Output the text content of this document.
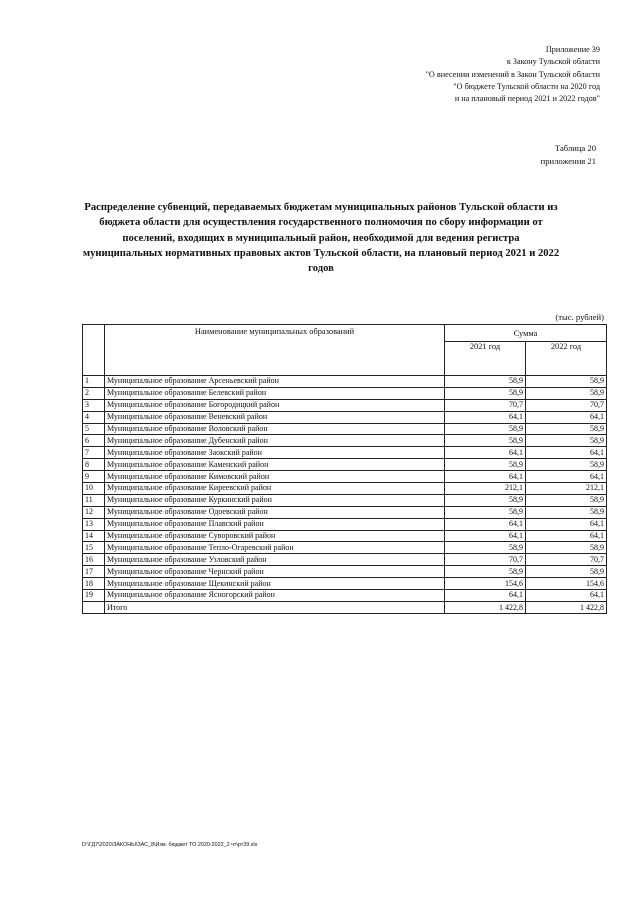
Приложение 39
к Закону Тульской области
"О внесении изменений в Закон Тульской области
"О бюджете Тульской области на 2020 год
и на плановый период 2021 и 2022 годов"
Таблица 20
приложения 21
Распределение субвенций, передаваемых бюджетам муниципальных районов Тульской области из бюджета области для осуществления государственного полномочия по сбору информации от поселений, входящих в муниципальный район, необходимой для ведения регистра муниципальных нормативных правовых актов Тульской области, на плановый период 2021 и 2022 годов
(тыс. рублей)
	Наименование муниципальных образований	Сумма	
		2021 год	2022 год
1	Муниципальное образование Арсеньевский район	58,9	58,9
2	Муниципальное образование Белевский район	58,9	58,9
3	Муниципальное образование Богородицкий район	70,7	70,7
4	Муниципальное образование Веневский район	64,1	64,1
5	Муниципальное образование Воловский район	58,9	58,9
6	Муниципальное образование Дубенский район	58,9	58,9
7	Муниципальное образование Заокский район	64,1	64,1
8	Муниципальное образование Каменский район	58,9	58,9
9	Муниципальное образование Кимовский район	64,1	64,1
10	Муниципальное образование Киреевский район	212,1	212,1
11	Муниципальное образование Куркинский район	58,9	58,9
12	Муниципальное образование Одоевский район	58,9	58,9
13	Муниципальное образование Плавский район	64,1	64,1
14	Муниципальное образование Суворовский район	64,1	64,1
15	Муниципальное образование Тепло-Огаревский район	58,9	58,9
16	Муниципальное образование Узловский район	70,7	70,7
17	Муниципальное образование Чернский район	58,9	58,9
18	Муниципальное образование Щекинский район	154,6	154,6
19	Муниципальное образование Ясногорский район	64,1	64,1
	Итого	1 422,8	1 422,8
D:\ГД7\2020\ЗАКОНЫ\ЗАС_8\Изм. бюджет ТО 2020-2022_2 чт\рт39.xls
